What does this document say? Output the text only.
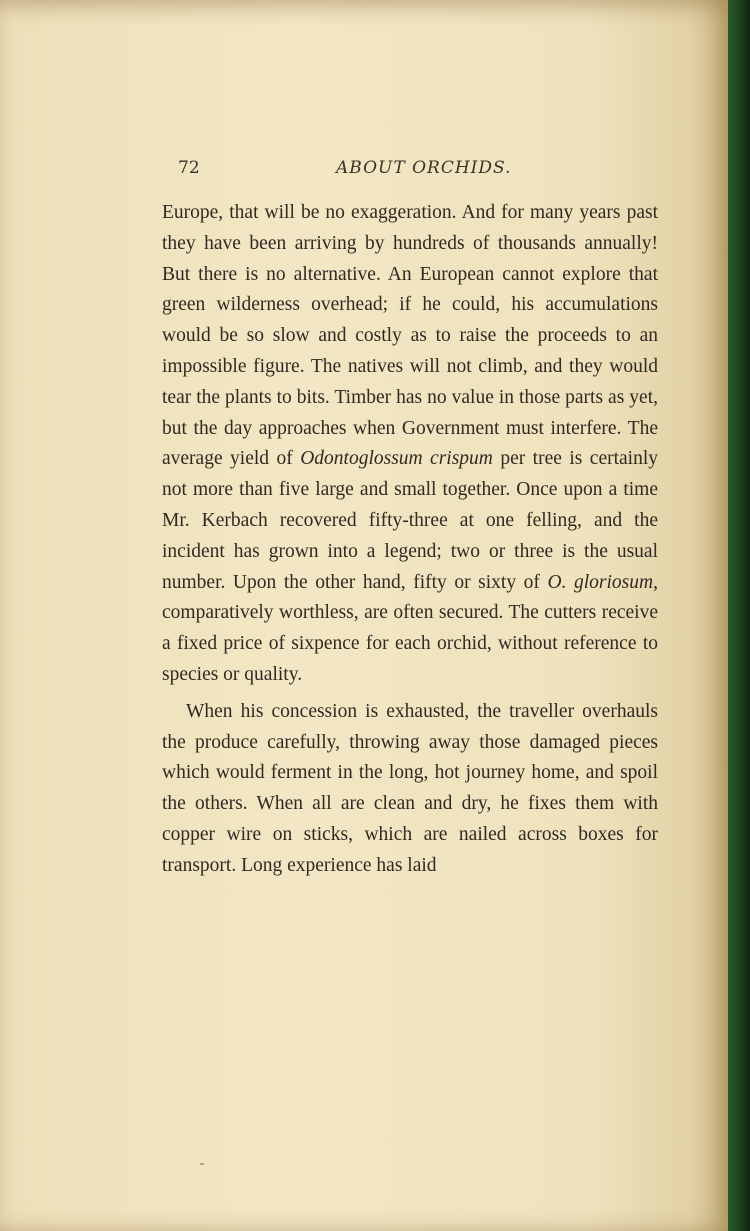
72	ABOUT ORCHIDS.

Europe, that will be no exaggeration. And for many years past they have been arriving by hundreds of thousands annually! But there is no alternative. An European cannot explore that green wilderness overhead; if he could, his accumulations would be so slow and costly as to raise the proceeds to an impossible figure. The natives will not climb, and they would tear the plants to bits. Timber has no value in those parts as yet, but the day approaches when Government must interfere. The average yield of Odontoglossum crispum per tree is certainly not more than five large and small together. Once upon a time Mr. Kerbach recovered fifty-three at one felling, and the incident has grown into a legend; two or three is the usual number. Upon the other hand, fifty or sixty of O. gloriosum, comparatively worthless, are often secured. The cutters receive a fixed price of sixpence for each orchid, without reference to species or quality.

When his concession is exhausted, the traveller overhauls the produce carefully, throwing away those damaged pieces which would ferment in the long, hot journey home, and spoil the others. When all are clean and dry, he fixes them with copper wire on sticks, which are nailed across boxes for transport. Long experience has laid
